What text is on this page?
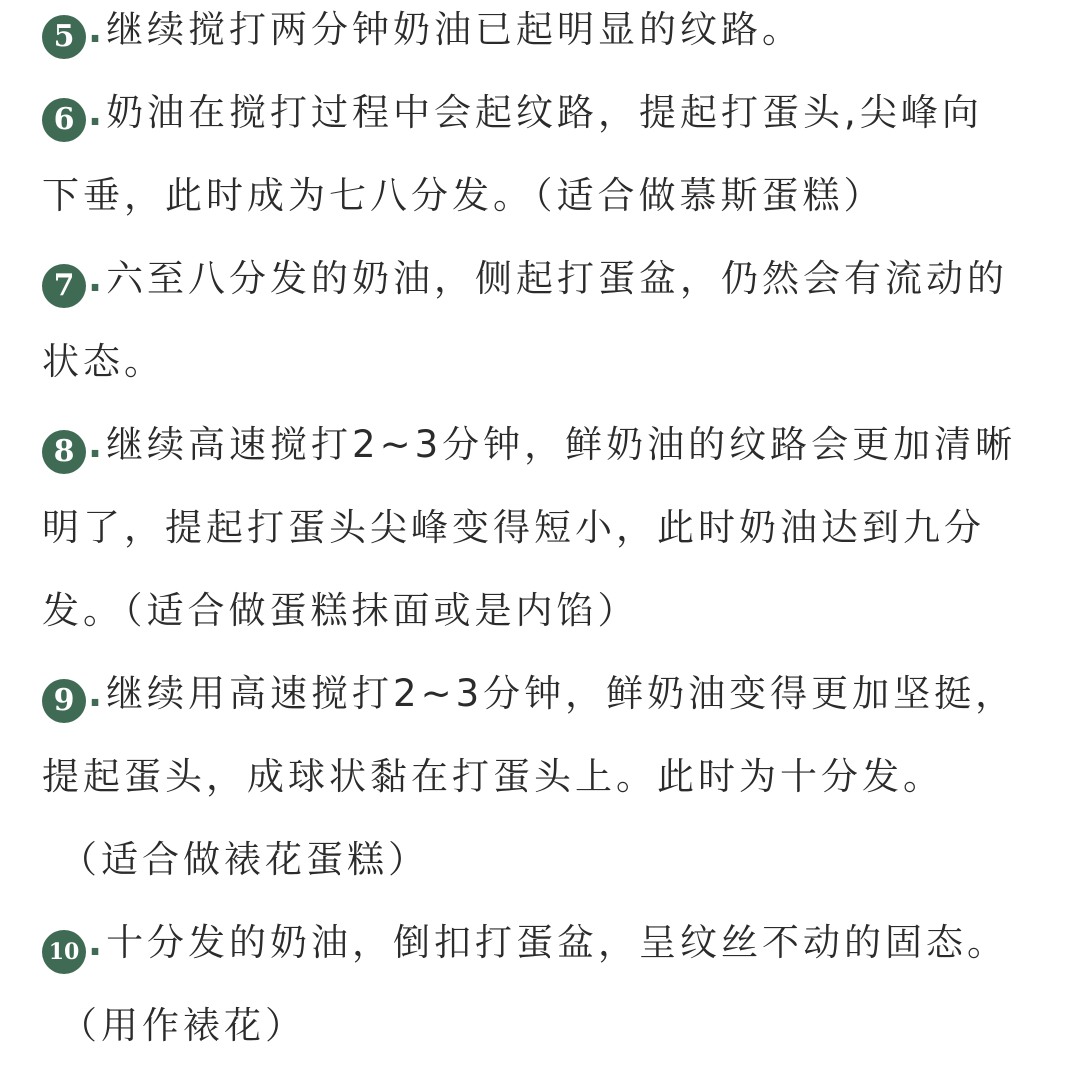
5 . 继续搅打两分钟奶油已起明显的纹路。
6 . 奶油在搅打过程中会起纹路，提起打蛋头,尖峰向
下垂，此时成为七八分发。（适合做慕斯蛋糕）
7 . 六至八分发的奶油，侧起打蛋盆，仍然会有流动的
状态。
8 . 继续高速搅打2~3分钟，鲜奶油的纹路会更加清晰
明了，提起打蛋头尖峰变得短小，此时奶油达到九分
发。（适合做蛋糕抹面或是内馅）
9 . 继续用高速搅打2~3分钟，鲜奶油变得更加坚挺，
提起蛋头，成球状黏在打蛋头上。此时为十分发。
（适合做裱花蛋糕）
10 . 十分发的奶油，倒扣打蛋盆，呈纹丝不动的固态。
（用作裱花）
